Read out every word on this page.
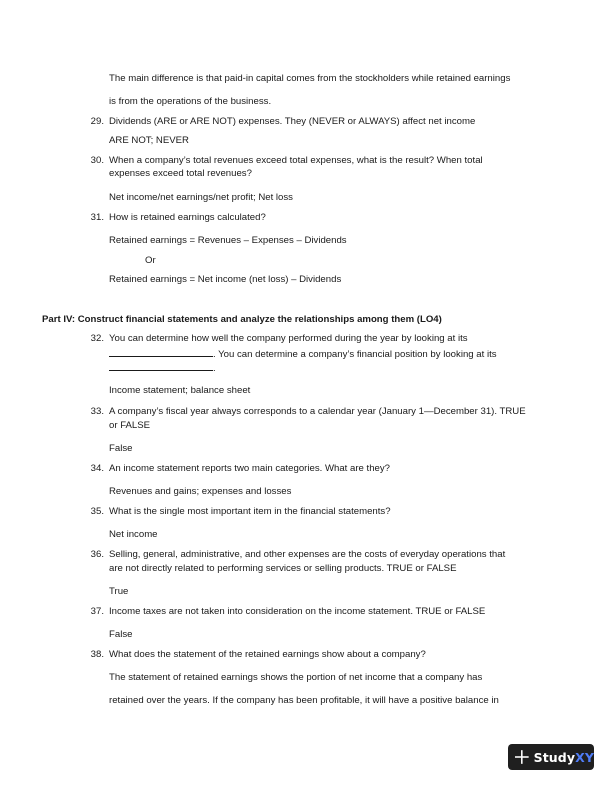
The main difference is that paid-in capital comes from the stockholders while retained earnings
is from the operations of the business.
29. Dividends (ARE or ARE NOT) expenses. They (NEVER or ALWAYS) affect net income
ARE NOT; NEVER
30. When a company’s total revenues exceed total expenses, what is the result? When total
expenses exceed total revenues?
Net income/net earnings/net profit; Net loss
31. How is retained earnings calculated?
Retained earnings = Revenues – Expenses – Dividends
Or
Retained earnings = Net income (net loss) – Dividends
Part IV: Construct financial statements and analyze the relationships among them (LO4)
32. You can determine how well the company performed during the year by looking at its
. You can determine a company’s financial position by looking at its
.
Income statement; balance sheet
33. A company’s fiscal year always corresponds to a calendar year (January 1—December 31). TRUE
or FALSE
False
34. An income statement reports two main categories. What are they?
Revenues and gains; expenses and losses
35. What is the single most important item in the financial statements?
Net income
36. Selling, general, administrative, and other expenses are the costs of everyday operations that
are not directly related to performing services or selling products. TRUE or FALSE
True
37. Income taxes are not taken into consideration on the income statement. TRUE or FALSE
False
38. What does the statement of the retained earnings show about a company?
The statement of retained earnings shows the portion of net income that a company has
retained over the years. If the company has been profitable, it will have a positive balance in
StudyXY
